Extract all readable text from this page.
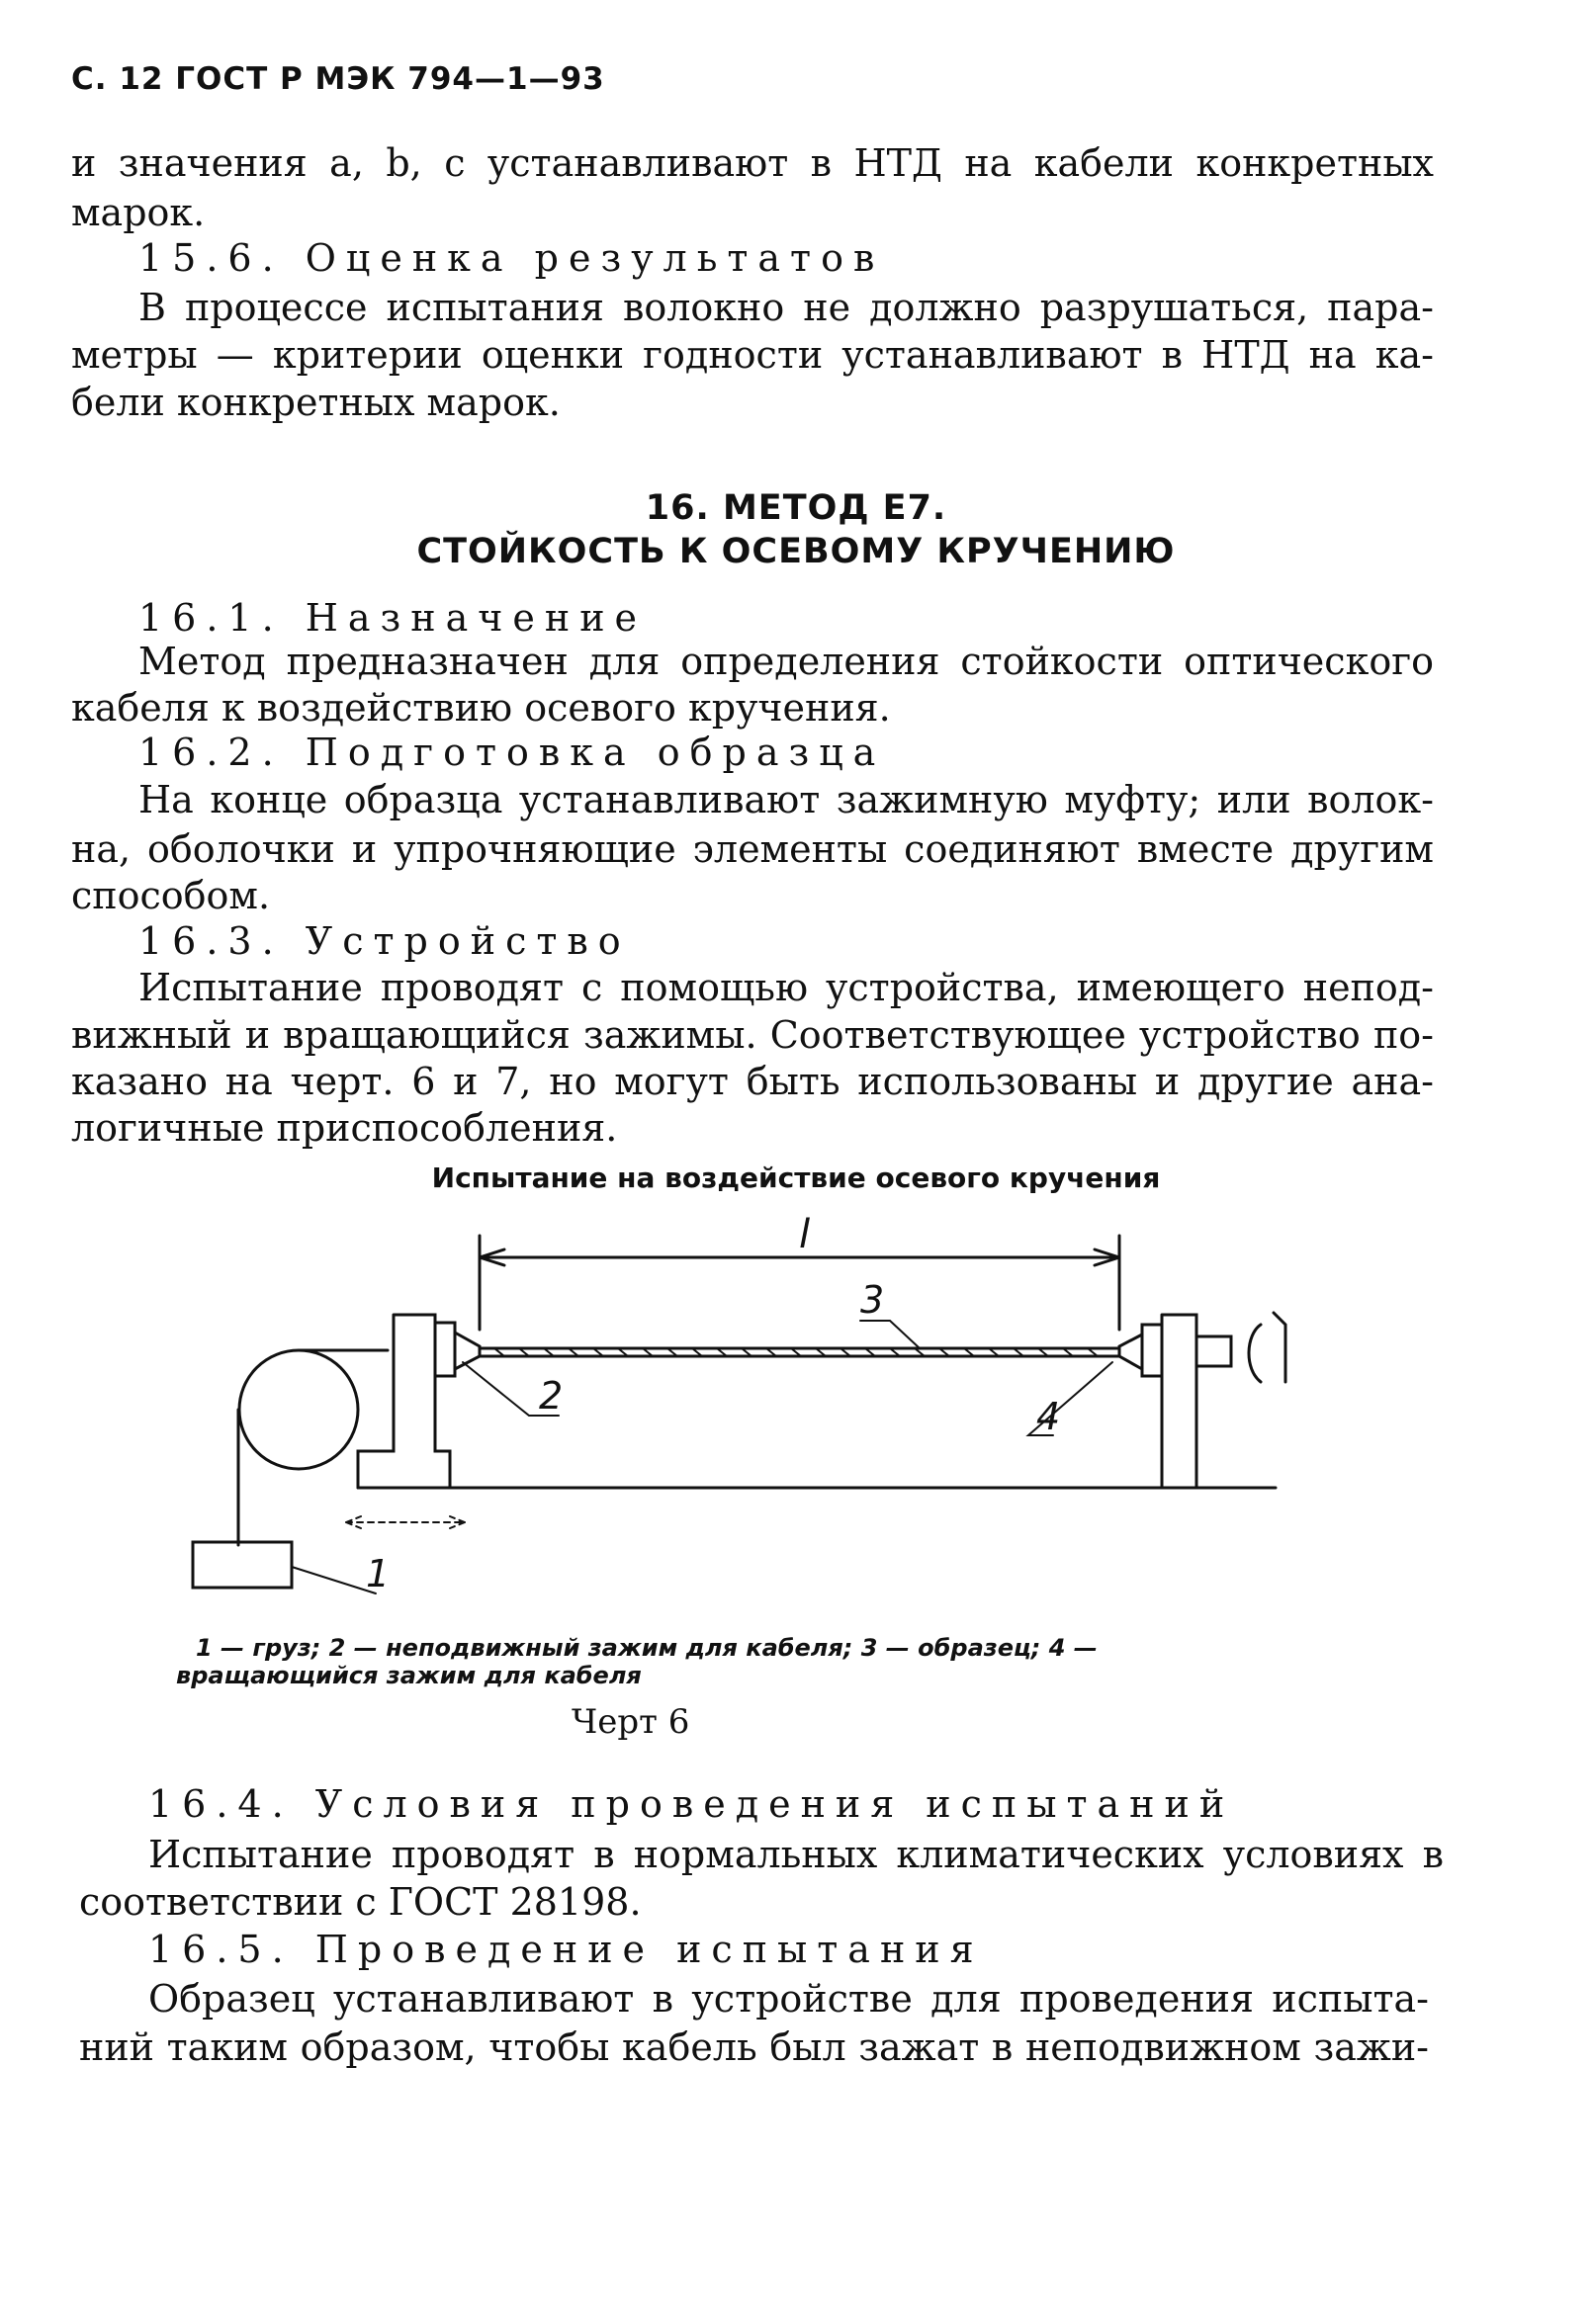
С. 12 ГОСТ Р МЭК 794—1—93
и значения a, b, c устанавливают в НТД на кабели конкретных
марок.
15.6. Оценка результатов
В процессе испытания волокно не должно разрушаться, пара-
метры — критерии оценки годности устанавливают в НТД на ка-
бели конкретных марок.
16. МЕТОД Е7.
СТОЙКОСТЬ К ОСЕВОМУ КРУЧЕНИЮ
16.1. Назначение
Метод предназначен для определения стойкости оптического
кабеля к воздействию осевого кручения.
16.2. Подготовка образца
На конце образца устанавливают зажимную муфту; или волок-
на, оболочки и упрочняющие элементы соединяют вместе другим
способом.
16.3. Устройство
Испытание проводят с помощью устройства, имеющего непод-
вижный и вращающийся зажимы. Соответствующее устройство по-
казано на черт. 6 и 7, но могут быть использованы и другие ана-
логичные приспособления.
Испытание на воздействие осевого кручения
l
1
2
3
4
1 — груз; 2 — неподвижный зажим для кабеля; 3 — образец; 4 —
вращающийся зажим для кабеля
Черт 6
16.4. Условия проведения испытаний
Испытание проводят в нормальных климатических условиях в
соответствии с ГОСТ 28198.
16.5. Проведение испытания
Образец устанавливают в устройстве для проведения испыта-
ний таким образом, чтобы кабель был зажат в неподвижном зажи-
